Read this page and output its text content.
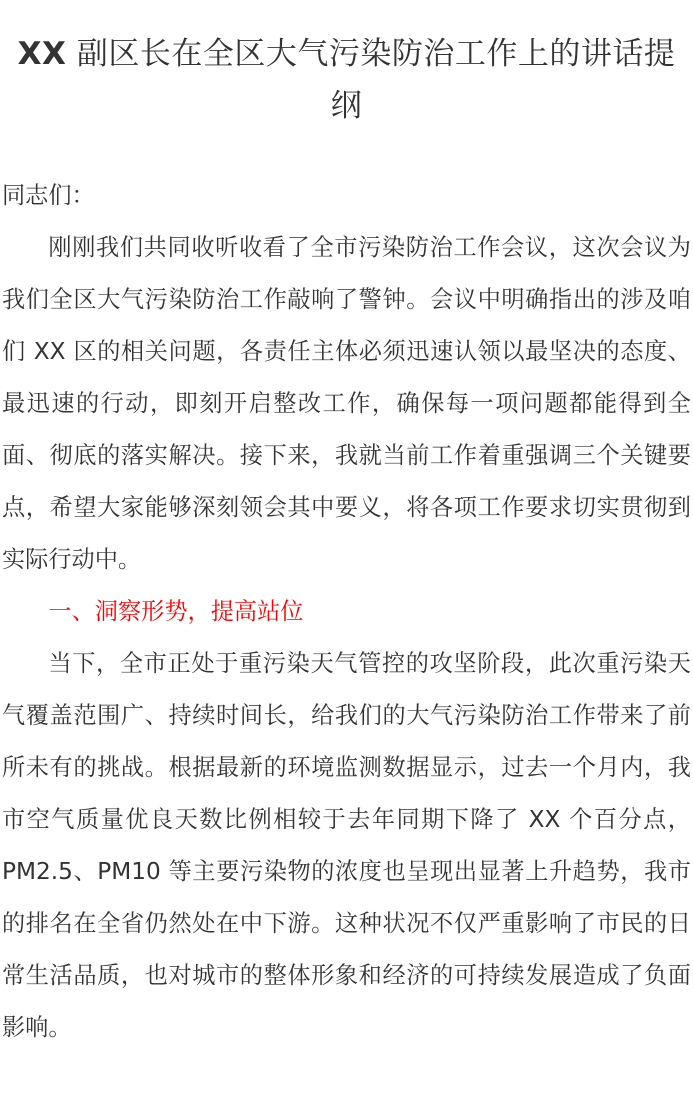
XX 副区长在全区大气污染防治工作上的讲话提纲

同志们：

刚刚我们共同收听收看了全市污染防治工作会议，这次会议为我们全区大气污染防治工作敲响了警钟。会议中明确指出的涉及咱们 XX 区的相关问题，各责任主体必须迅速认领以最坚决的态度、最迅速的行动，即刻开启整改工作，确保每一项问题都能得到全面、彻底的落实解决。接下来，我就当前工作着重强调三个关键要点，希望大家能够深刻领会其中要义，将各项工作要求切实贯彻到实际行动中。

一、洞察形势，提高站位

当下，全市正处于重污染天气管控的攻坚阶段，此次重污染天气覆盖范围广、持续时间长，给我们的大气污染防治工作带来了前所未有的挑战。根据最新的环境监测数据显示，过去一个月内，我市空气质量优良天数比例相较于去年同期下降了 XX 个百分点，PM2.5、PM10 等主要污染物的浓度也呈现出显著上升趋势，我市的排名在全省仍然处在中下游。这种状况不仅严重影响了市民的日常生活品质，也对城市的整体形象和经济的可持续发展造成了负面影响。
